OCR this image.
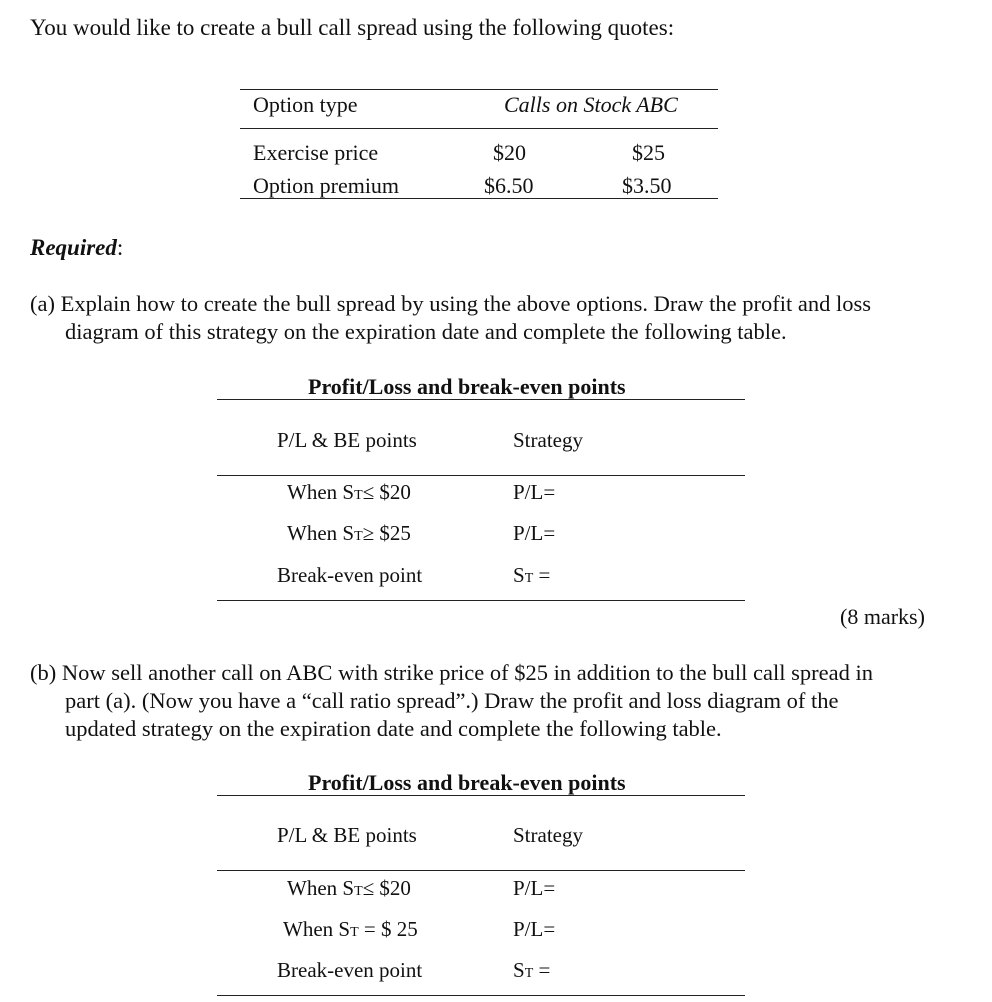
You would like to create a bull call spread using the following quotes:
Option type	Calls on Stock ABC
Exercise price	$20	$25
Option premium	$6.50	$3.50
Required:
(a) Explain how to create the bull spread by using the above options. Draw the profit and loss
diagram of this strategy on the expiration date and complete the following table.
Profit/Loss and break-even points
P/L & BE points	Strategy
When ST≤ $20	P/L=
When ST≥ $25	P/L=
Break-even point	ST =
(8 marks)
(b) Now sell another call on ABC with strike price of $25 in addition to the bull call spread in
part (a). (Now you have a “call ratio spread”.) Draw the profit and loss diagram of the
updated strategy on the expiration date and complete the following table.
Profit/Loss and break-even points
P/L & BE points	Strategy
When ST≤ $20	P/L=
When ST = $ 25	P/L=
Break-even point	ST =
